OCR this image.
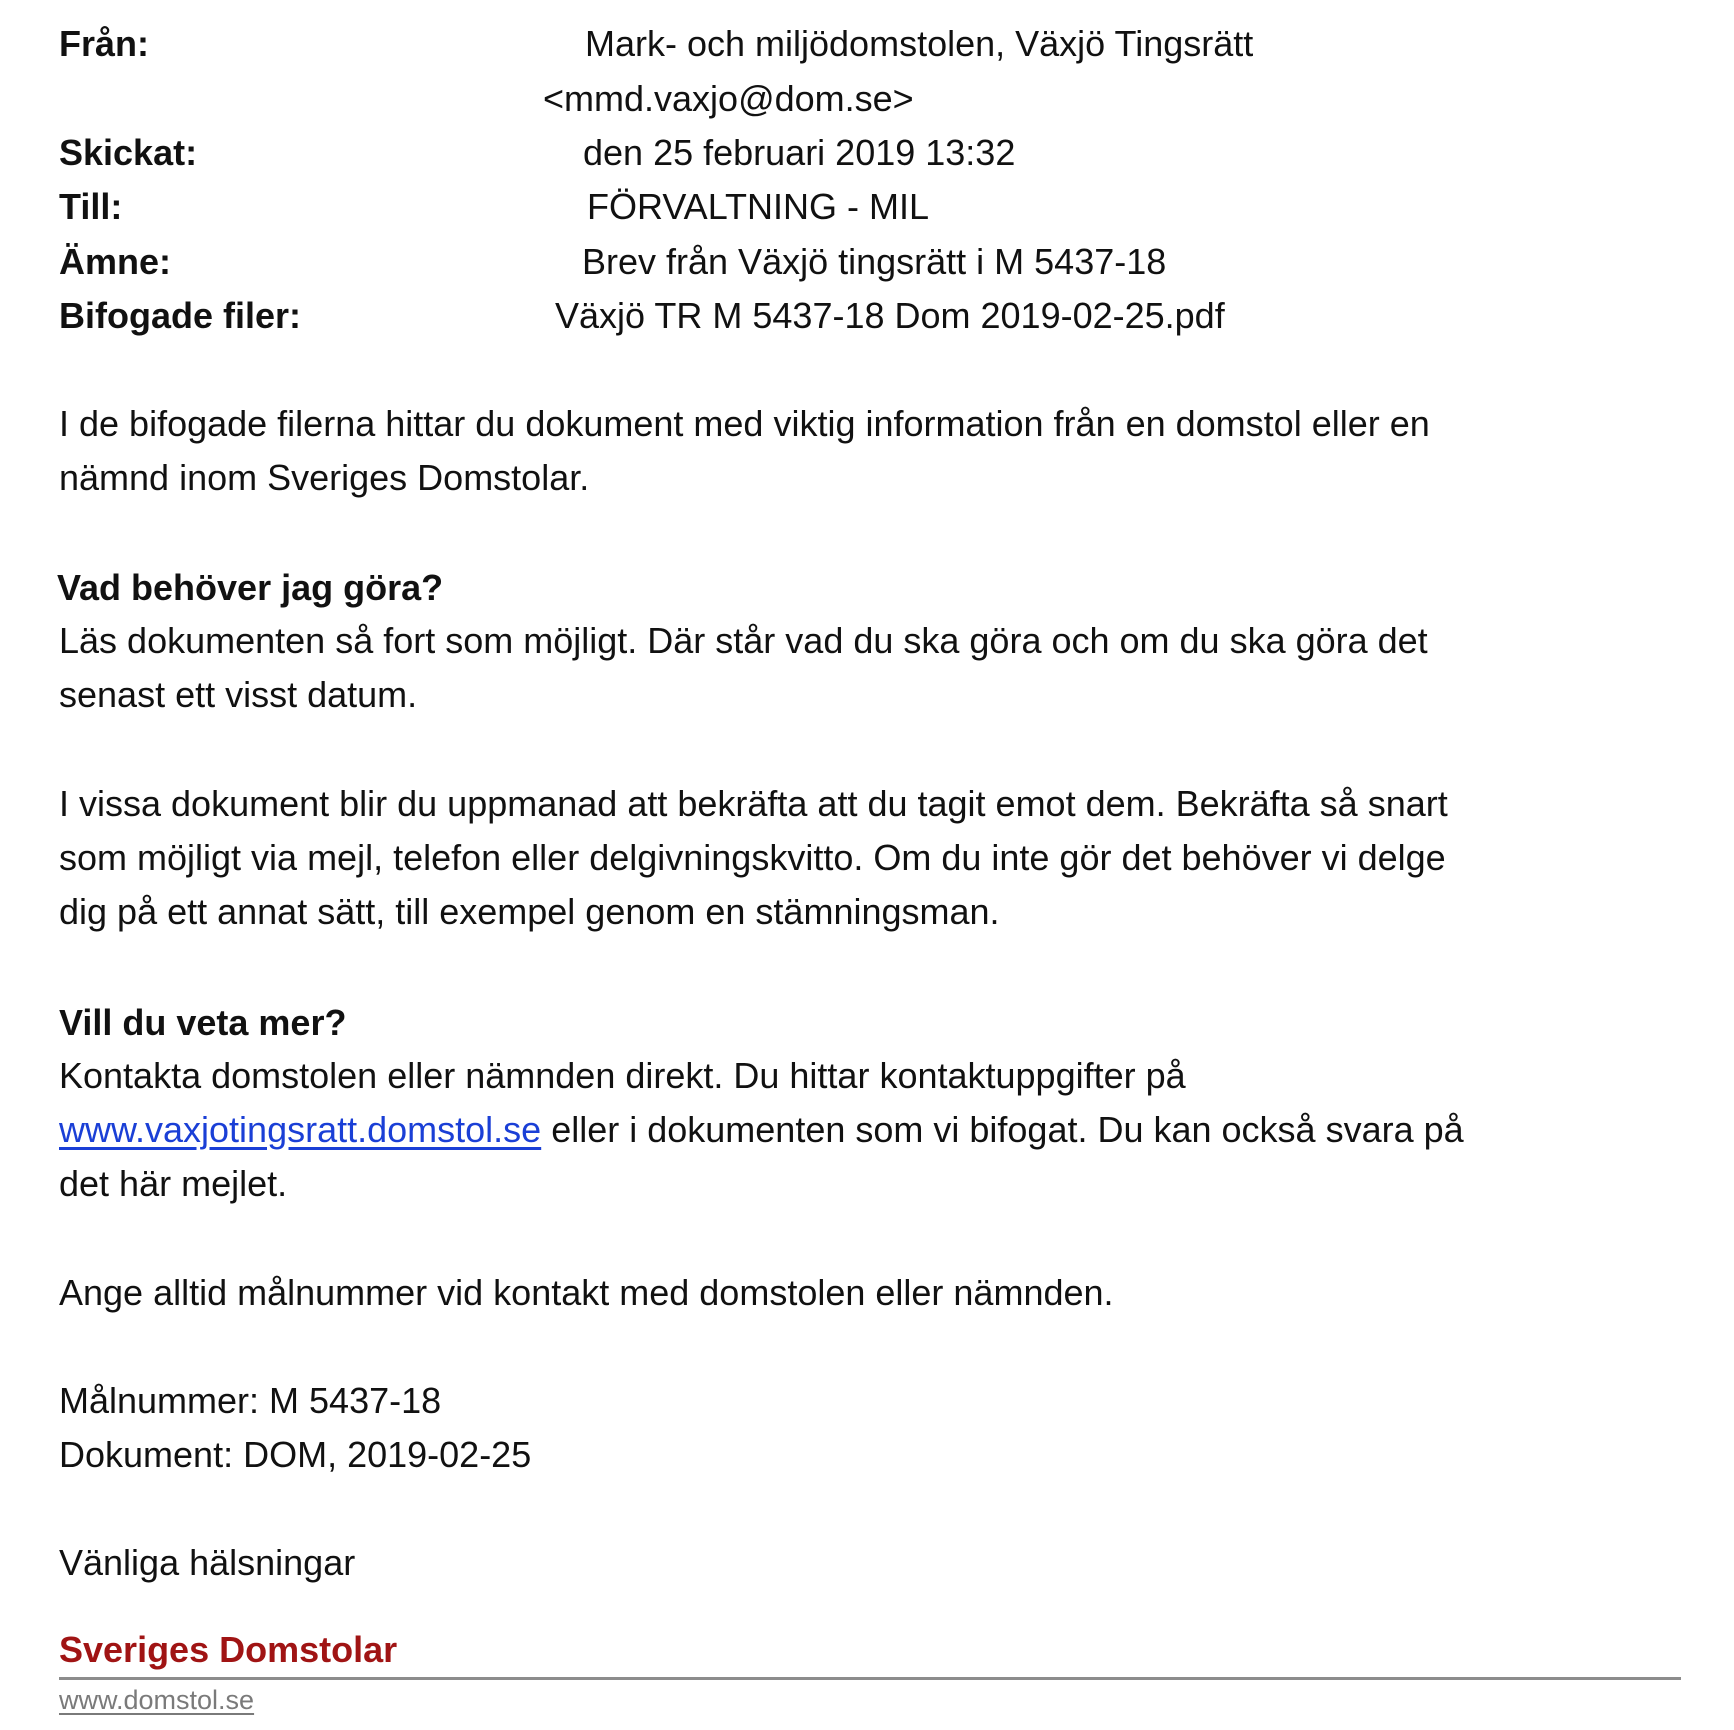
Från:	Mark- och miljödomstolen, Växjö Tingsrätt
<mmd.vaxjo@dom.se>
Skickat:	den 25 februari 2019 13:32
Till:	FÖRVALTNING - MIL
Ämne:	Brev från Växjö tingsrätt i M 5437-18
Bifogade filer:	Växjö TR M 5437-18 Dom 2019-02-25.pdf
I de bifogade filerna hittar du dokument med viktig information från en domstol eller en
nämnd inom Sveriges Domstolar.
Vad behöver jag göra?
Läs dokumenten så fort som möjligt. Där står vad du ska göra och om du ska göra det
senast ett visst datum.
I vissa dokument blir du uppmanad att bekräfta att du tagit emot dem. Bekräfta så snart
som möjligt via mejl, telefon eller delgivningskvitto. Om du inte gör det behöver vi delge
dig på ett annat sätt, till exempel genom en stämningsman.
Vill du veta mer?
Kontakta domstolen eller nämnden direkt. Du hittar kontaktuppgifter på
www.vaxjotingsratt.domstol.se eller i dokumenten som vi bifogat. Du kan också svara på
det här mejlet.
Ange alltid målnummer vid kontakt med domstolen eller nämnden.
Målnummer: M 5437-18
Dokument: DOM, 2019-02-25
Vänliga hälsningar
Sveriges Domstolar
www.domstol.se
